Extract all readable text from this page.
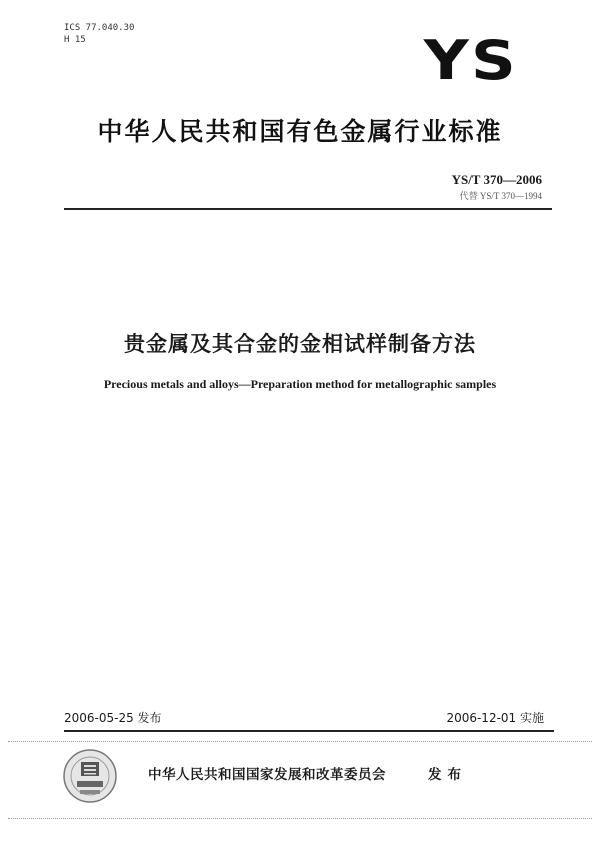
ICS 77.040.30
H 15	YS
中华人民共和国有色金属行业标准
YS/T 370—2006
代替 YS/T 370—1994
贵金属及其合金的金相试样制备方法
Precious metals and alloys—Preparation method for metallographic samples
2006-05-25 发布	2006-12-01 实施
中华人民共和国国家发展和改革委员会	发布
